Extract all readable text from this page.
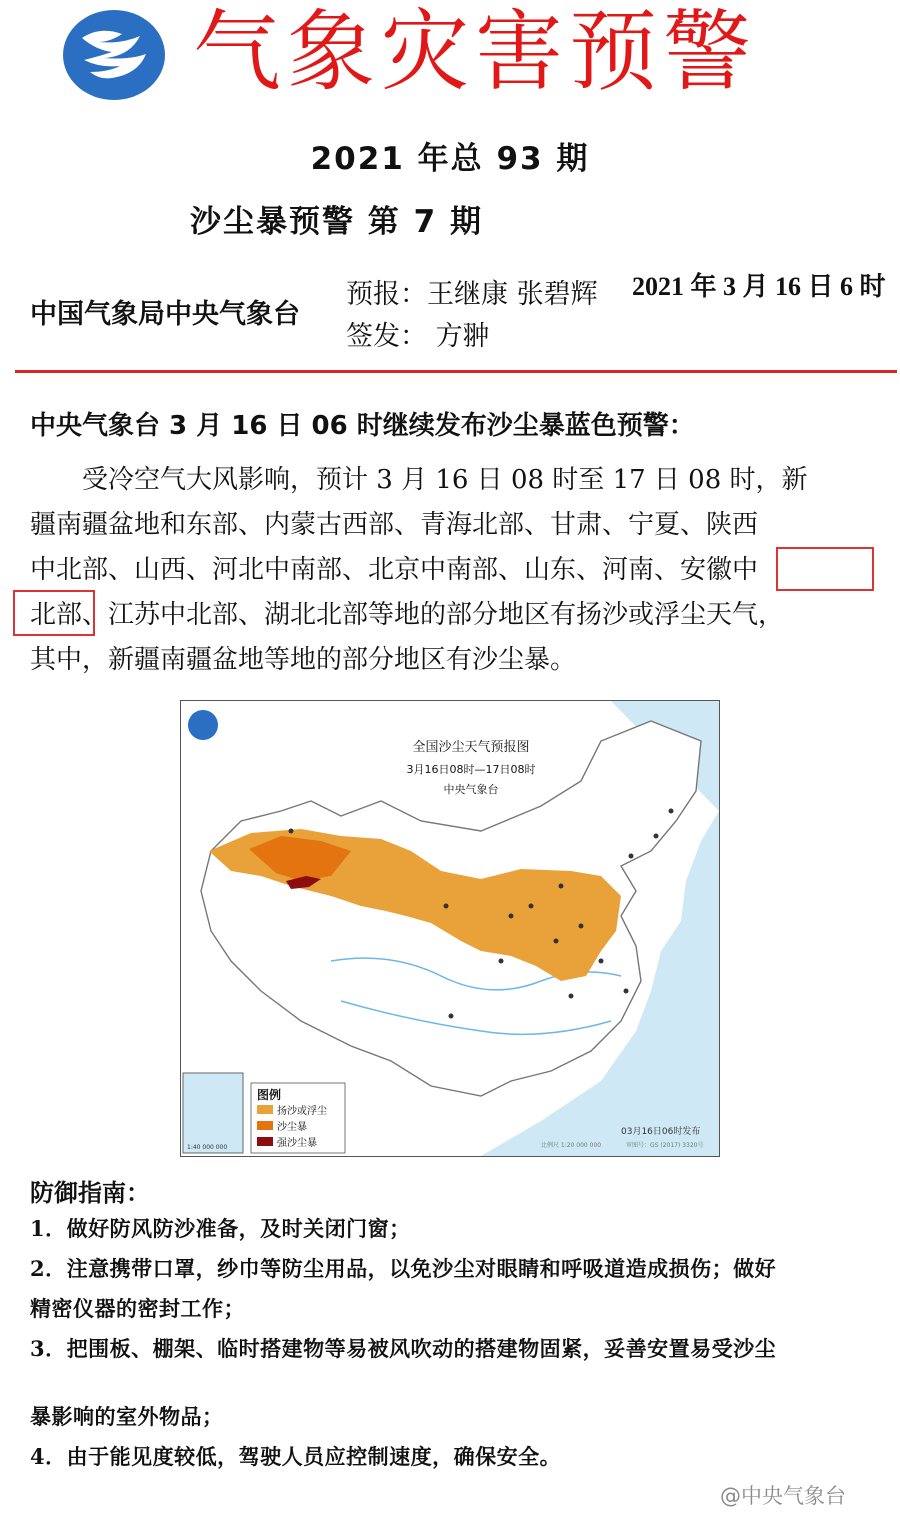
气象灾害预警
2021 年总 93 期
沙尘暴预警 第 7 期
中国气象局中央气象台
预报：王继康 张碧辉
签发： 方翀
2021 年 3 月 16 日 6 时
中央气象台 3 月 16 日 06 时继续发布沙尘暴蓝色预警：
　　受冷空气大风影响，预计 3 月 16 日 08 时至 17 日 08 时，新
疆南疆盆地和东部、内蒙古西部、青海北部、甘肃、宁夏、陕西
中北部、山西、河北中南部、北京中南部、山东、河南、安徽中
北部、江苏中北部、湖北北部等地的部分地区有扬沙或浮尘天气，
其中，新疆南疆盆地等地的部分地区有沙尘暴。
全国沙尘天气预报图
3月16日08时—17日08时
中央气象台
1:40 000 000
图例
扬沙或浮尘
沙尘暴
强沙尘暴
03月16日06时发布
比例尺 1:20 000 000	审图号：GS (2017) 3320号
防御指南：
1．做好防风防沙准备，及时关闭门窗；
2．注意携带口罩，纱巾等防尘用品，以免沙尘对眼睛和呼吸道造成损伤；做好
精密仪器的密封工作；
3．把围板、棚架、临时搭建物等易被风吹动的搭建物固紧，妥善安置易受沙尘
暴影响的室外物品；
4．由于能见度较低，驾驶人员应控制速度，确保安全。
@中央气象台
